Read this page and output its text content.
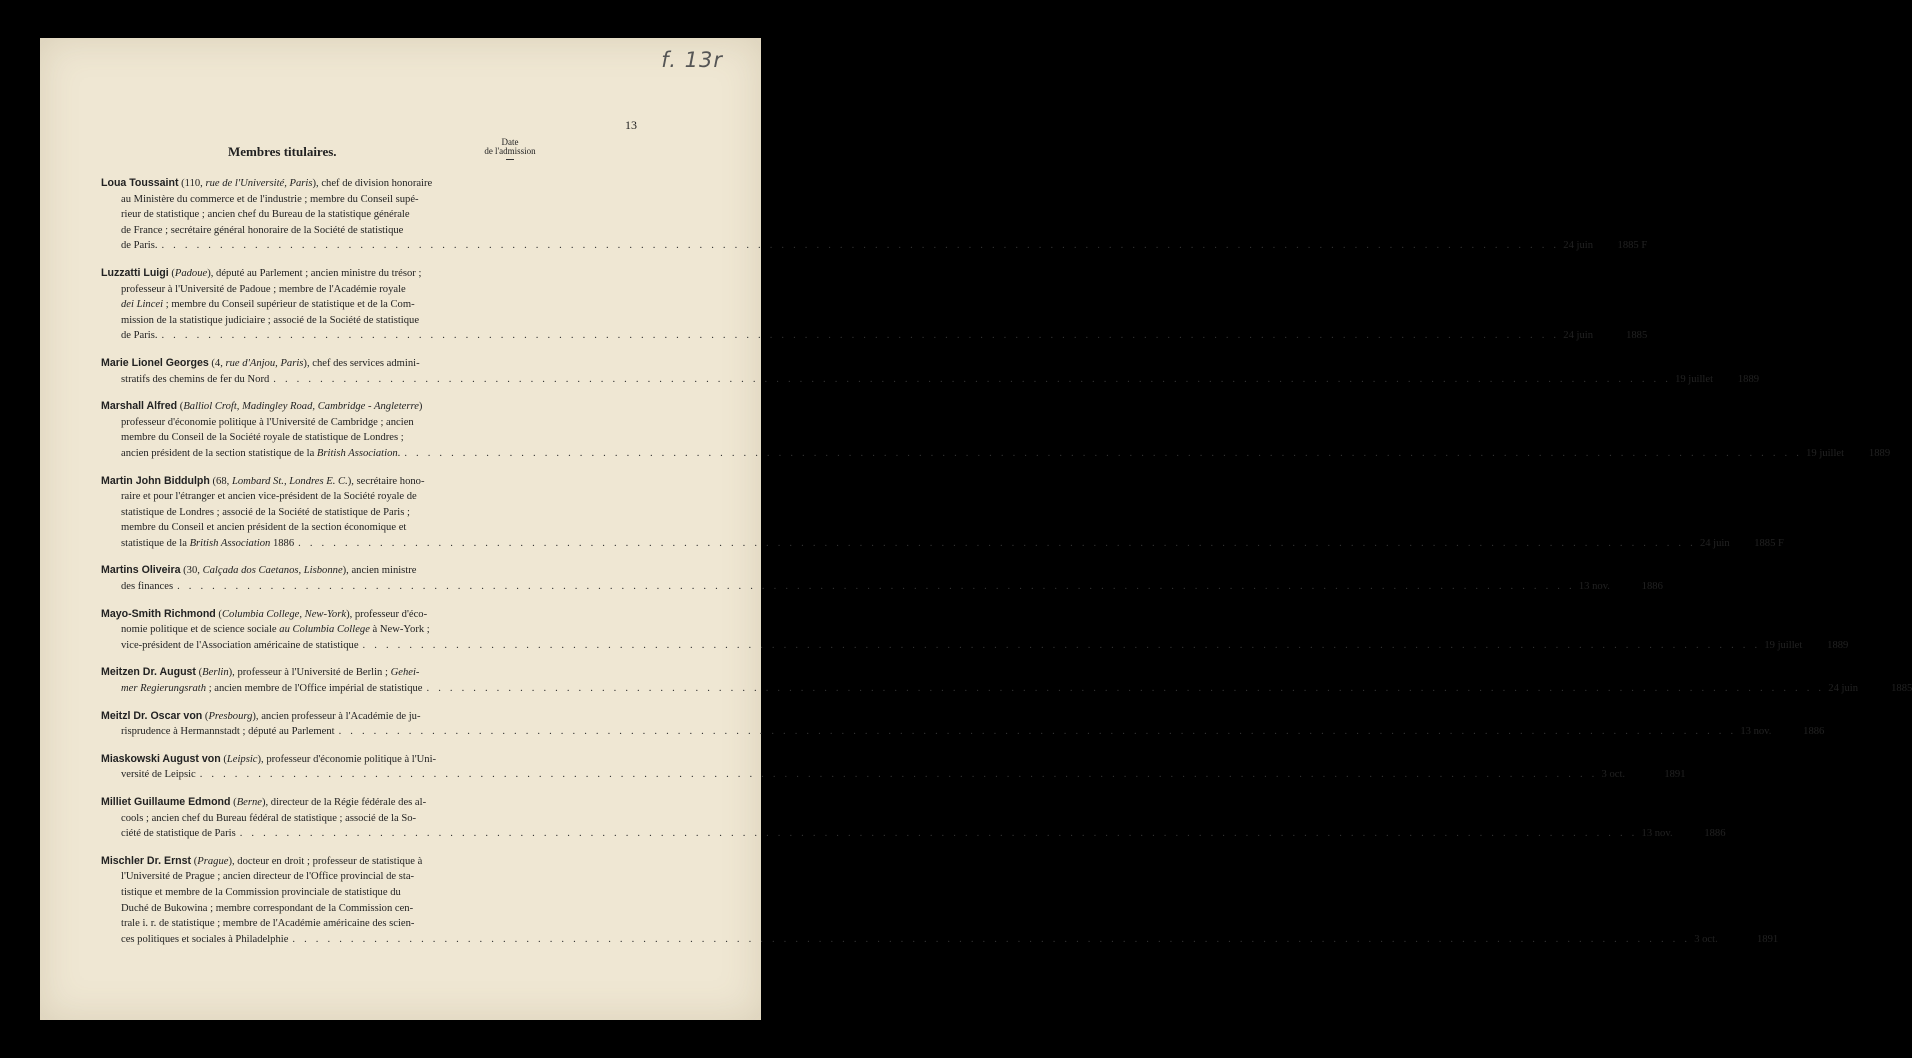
f. 13r
13
Membres titulaires.
Date
de l'admission

Loua Toussaint (110, rue de l'Université, Paris), chef de division honoraire

au Ministère du commerce et de l'industrie ; membre du Conseil supé-

rieur de statistique ; ancien chef du Bureau de la statistique générale

de France ; secrétaire général honoraire de la Société de statistique

de Paris. . . . . . . . . . . . . . . . . . . . . . . . . . . . . . . . . . . . . . . . . . . . . . . . . . . . . . . . . . . . . . . . . . . . . . . . . . . . . . . . . . . . . . . . . . . . . . . . . . . . . . . . . . . . . . . . . . . . . . . . . 24 juin	1885 F

Luzzatti Luigi (Padoue), député au Parlement ; ancien ministre du trésor ;

professeur à l'Université de Padoue ; membre de l'Académie royale

dei Lincei ; membre du Conseil supérieur de statistique et de la Com-

mission de la statistique judiciaire ; associé de la Société de statistique

de Paris. . . . . . . . . . . . . . . . . . . . . . . . . . . . . . . . . . . . . . . . . . . . . . . . . . . . . . . . . . . . . . . . . . . . . . . . . . . . . . . . . . . . . . . . . . . . . . . . . . . . . . . . . . . . . . . . . . . . . . . . . 24 juin	1885

Marie Lionel Georges (4, rue d'Anjou, Paris), chef des services admini-

stratifs des chemins de fer du Nord . . . . . . . . . . . . . . . . . . . . . . . . . . . . . . . . . . . . . . . . . . . . . . . . . . . . . . . . . . . . . . . . . . . . . . . . . . . . . . . . . . . . . . . . . . . . . . . . . . . . . . . . . . . . . . . . . . . . . . . . 19 juillet	1889

Marshall Alfred (Balliol Croft, Madingley Road, Cambridge - Angleterre)

professeur d'économie politique à l'Université de Cambridge ; ancien

membre du Conseil de la Société royale de statistique de Londres ;

ancien président de la section statistique de la British Association. . . . . . . . . . . . . . . . . . . . . . . . . . . . . . . . . . . . . . . . . . . . . . . . . . . . . . . . . . . . . . . . . . . . . . . . . . . . . . . . . . . . . . . . . . . . . . . . . . . . . . . . . . . . . . . . . . . . . . . . . 19 juillet	1889

Martin John Biddulph (68, Lombard St., Londres E. C.), secrétaire hono-

raire et pour l'étranger et ancien vice-président de la Société royale de

statistique de Londres ; associé de la Société de statistique de Paris ;

membre du Conseil et ancien président de la section économique et

statistique de la British Association 1886 . . . . . . . . . . . . . . . . . . . . . . . . . . . . . . . . . . . . . . . . . . . . . . . . . . . . . . . . . . . . . . . . . . . . . . . . . . . . . . . . . . . . . . . . . . . . . . . . . . . . . . . . . . . . . . . . . . . . . . . . 24 juin	1885 F

Martins Oliveira (30, Calçada dos Caetanos, Lisbonne), ancien ministre

des finances . . . . . . . . . . . . . . . . . . . . . . . . . . . . . . . . . . . . . . . . . . . . . . . . . . . . . . . . . . . . . . . . . . . . . . . . . . . . . . . . . . . . . . . . . . . . . . . . . . . . . . . . . . . . . . . . . . . . . . . . 13 nov.	1886

Mayo-Smith Richmond (Columbia College, New-York), professeur d'éco-

nomie politique et de science sociale au Columbia College à New-York ;

vice-président de l'Association américaine de statistique . . . . . . . . . . . . . . . . . . . . . . . . . . . . . . . . . . . . . . . . . . . . . . . . . . . . . . . . . . . . . . . . . . . . . . . . . . . . . . . . . . . . . . . . . . . . . . . . . . . . . . . . . . . . . . . . . . . . . . . . 19 juillet	1889

Meitzen Dr. August (Berlin), professeur à l'Université de Berlin ; Gehei-

mer Regierungsrath ; ancien membre de l'Office impérial de statistique . . . . . . . . . . . . . . . . . . . . . . . . . . . . . . . . . . . . . . . . . . . . . . . . . . . . . . . . . . . . . . . . . . . . . . . . . . . . . . . . . . . . . . . . . . . . . . . . . . . . . . . . . . . . . . . . . . . . . . . . 24 juin	1885

Meitzl Dr. Oscar von (Presbourg), ancien professeur à l'Académie de ju-

risprudence à Hermannstadt ; député au Parlement . . . . . . . . . . . . . . . . . . . . . . . . . . . . . . . . . . . . . . . . . . . . . . . . . . . . . . . . . . . . . . . . . . . . . . . . . . . . . . . . . . . . . . . . . . . . . . . . . . . . . . . . . . . . . . . . . . . . . . . . 13 nov.	1886

Miaskowski August von (Leipsic), professeur d'économie politique à l'Uni-

versité de Leipsic . . . . . . . . . . . . . . . . . . . . . . . . . . . . . . . . . . . . . . . . . . . . . . . . . . . . . . . . . . . . . . . . . . . . . . . . . . . . . . . . . . . . . . . . . . . . . . . . . . . . . . . . . . . . . . . . . . . . . . . . 3 oct.	1891

Milliet Guillaume Edmond (Berne), directeur de la Régie fédérale des al-

cools ; ancien chef du Bureau fédéral de statistique ; associé de la So-

ciété de statistique de Paris . . . . . . . . . . . . . . . . . . . . . . . . . . . . . . . . . . . . . . . . . . . . . . . . . . . . . . . . . . . . . . . . . . . . . . . . . . . . . . . . . . . . . . . . . . . . . . . . . . . . . . . . . . . . . . . . . . . . . . . . 13 nov.	1886

Mischler Dr. Ernst (Prague), docteur en droit ; professeur de statistique à

l'Université de Prague ; ancien directeur de l'Office provincial de sta-

tistique et membre de la Commission provinciale de statistique du

Duché de Bukowina ; membre correspondant de la Commission cen-

trale i. r. de statistique ; membre de l'Académie américaine des scien-

ces politiques et sociales à Philadelphie . . . . . . . . . . . . . . . . . . . . . . . . . . . . . . . . . . . . . . . . . . . . . . . . . . . . . . . . . . . . . . . . . . . . . . . . . . . . . . . . . . . . . . . . . . . . . . . . . . . . . . . . . . . . . . . . . . . . . . . . 3 oct.	1891
